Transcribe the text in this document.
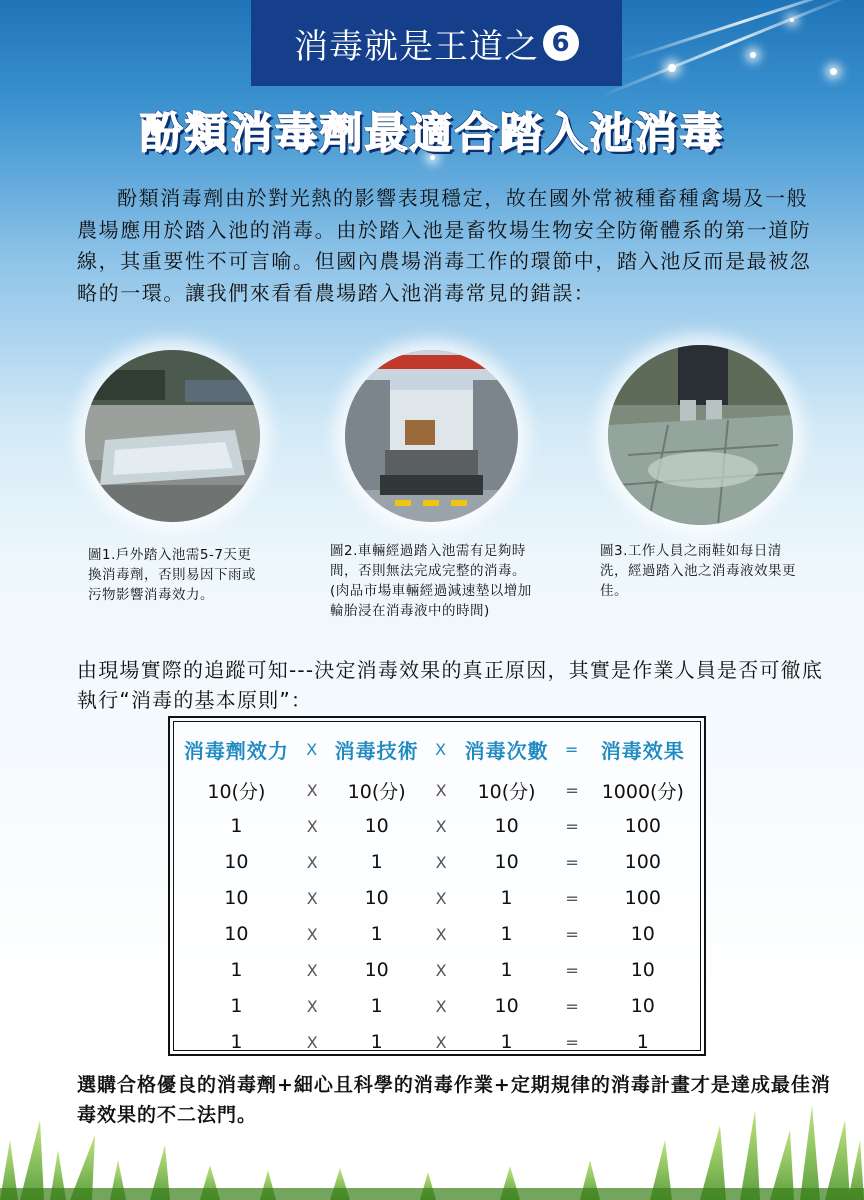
消毒就是王道之 6
酚類消毒劑最適合踏入池消毒

酚類消毒劑由於對光熱的影響表現穩定，故在國外常被種畜種禽場及一般農場應用於踏入池的消毒。由於踏入池是畜牧場生物安全防衛體系的第一道防線，其重要性不可言喻。但國內農場消毒工作的環節中，踏入池反而是最被忽略的一環。讓我們來看看農場踏入池消毒常見的錯誤：

圖1.戶外踏入池需5-7天更換消毒劑，否則易因下雨或污物影響消毒效力。

圖2.車輛經過踏入池需有足夠時間，否則無法完成完整的消毒。(肉品市場車輛經過減速墊以增加輪胎浸在消毒液中的時間)

圖3.工作人員之雨鞋如每日清洗，經過踏入池之消毒液效果更佳。

由現場實際的追蹤可知---決定消毒效果的真正原因，其實是作業人員是否可徹底執行“消毒的基本原則”：

消毒劑效力	X	消毒技術	X	消毒次數	=	消毒效果
10(分)	X	10(分)	X	10(分)	=	1000(分)
1	X	10	X	10	=	100
10	X	1	X	10	=	100
10	X	10	X	1	=	100
10	X	1	X	1	=	10
1	X	10	X	1	=	10
1	X	1	X	10	=	10
1	X	1	X	1	=	1

選購合格優良的消毒劑+細心且科學的消毒作業+定期規律的消毒計畫才是達成最佳消毒效果的不二法門。
